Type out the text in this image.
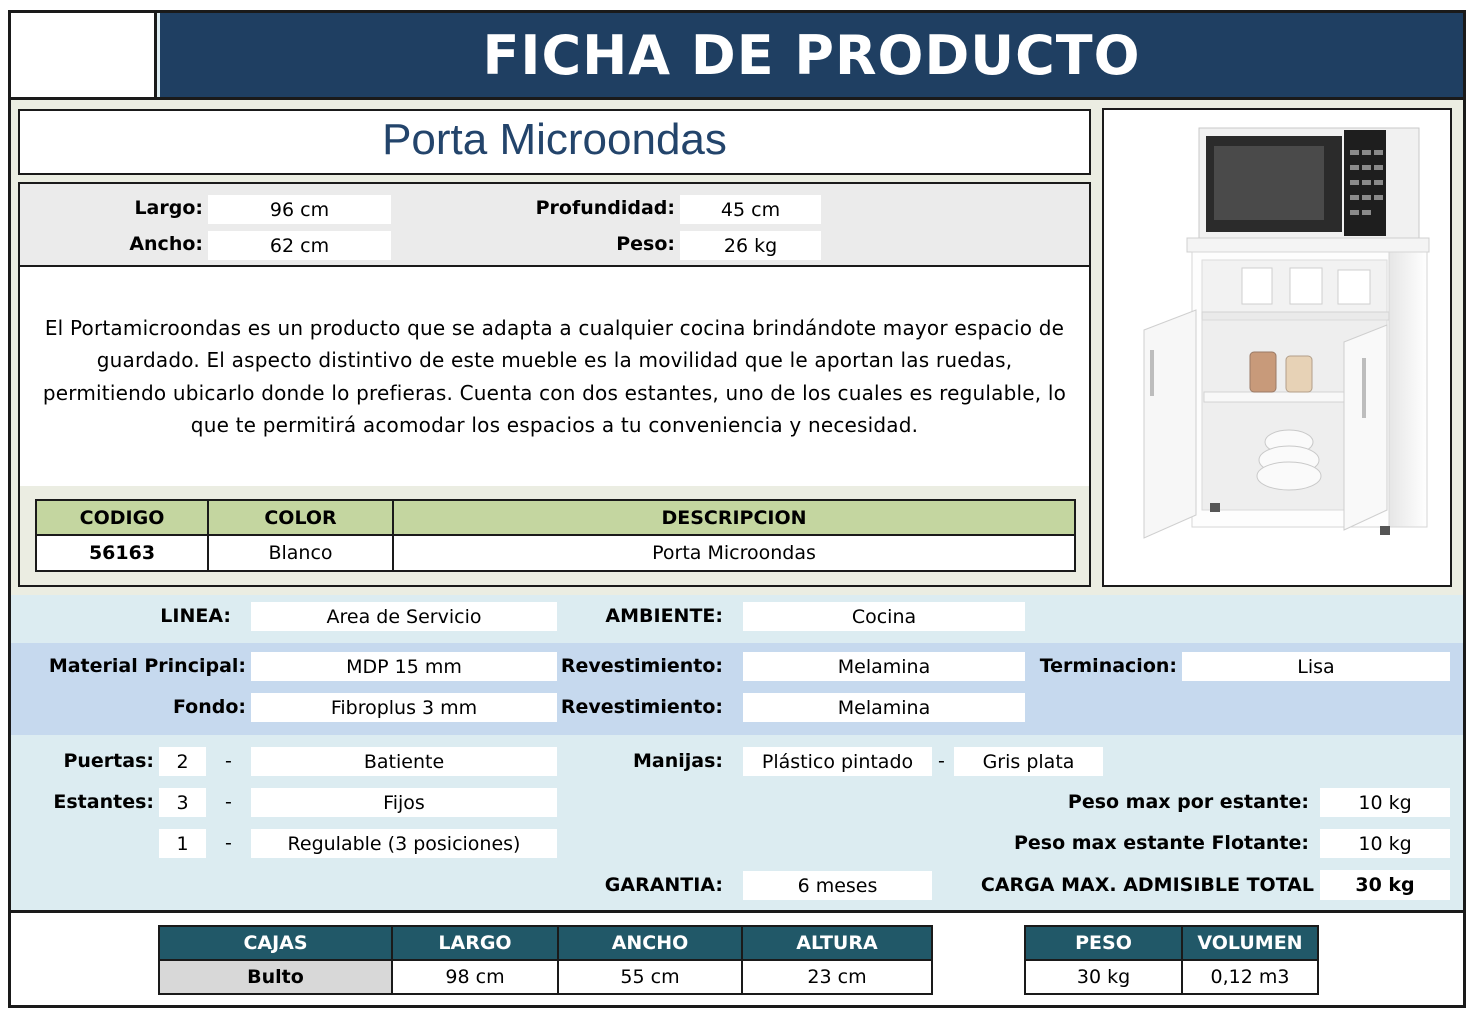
FICHA DE PRODUCTO
Porta Microondas
Largo:	96 cm
Ancho:	62 cm
Profundidad:	45 cm
Peso:	26 kg
El Portamicroondas es un producto que se adapta a cualquier cocina brindándote mayor espacio de guardado. El aspecto distintivo de este mueble es la movilidad que le aportan las ruedas, permitiendo ubicarlo donde lo prefieras. Cuenta con dos estantes, uno de los cuales es regulable, lo que te permitirá acomodar los espacios a tu conveniencia y necesidad.
CODIGO	COLOR	DESCRIPCION
56163	Blanco	Porta Microondas
LINEA:	Area de Servicio	AMBIENTE:	Cocina
Material Principal:	MDP 15 mm	Revestimiento:	Melamina	Terminacion:	Lisa
Fondo:	Fibroplus 3 mm	Revestimiento:	Melamina
Puertas:	2	-	Batiente	Manijas:	Plástico pintado	-	Gris plata
Estantes:	3	-	Fijos	Peso max por estante:	10 kg
1	-	Regulable (3 posiciones)	Peso max estante Flotante:	10 kg
GARANTIA:	6 meses	CARGA MAX. ADMISIBLE TOTAL	30 kg
CAJAS	LARGO	ANCHO	ALTURA
Bulto	98 cm	55 cm	23 cm
PESO	VOLUMEN
30 kg	0,12 m3
